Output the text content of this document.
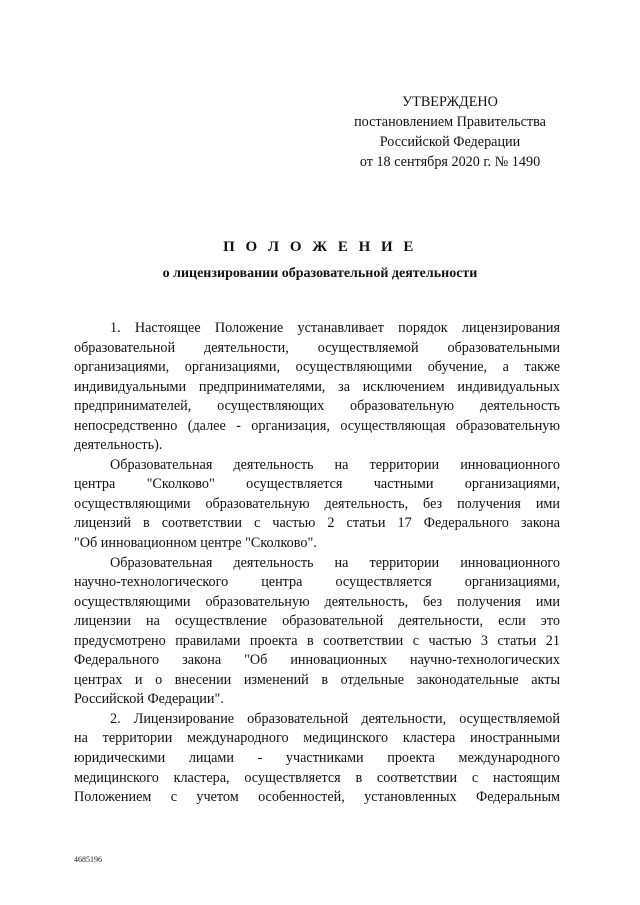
УТВЕРЖДЕНО
постановлением Правительства
Российской Федерации
от 18 сентября 2020 г. № 1490
П О Л О Ж Е Н И Е
о лицензировании образовательной деятельности
1. Настоящее Положение устанавливает порядок лицензирования
образовательной деятельности, осуществляемой образовательными
организациями, организациями, осуществляющими обучение, а также
индивидуальными предпринимателями, за исключением индивидуальных
предпринимателей, осуществляющих образовательную деятельность
непосредственно (далее - организация, осуществляющая образовательную
деятельность).
Образовательная деятельность на территории инновационного
центра "Сколково" осуществляется частными организациями,
осуществляющими образовательную деятельность, без получения ими
лицензий в соответствии с частью 2 статьи 17 Федерального закона
"Об инновационном центре "Сколково".
Образовательная деятельность на территории инновационного
научно-технологического центра осуществляется организациями,
осуществляющими образовательную деятельность, без получения ими
лицензии на осуществление образовательной деятельности, если это
предусмотрено правилами проекта в соответствии с частью 3 статьи 21
Федерального закона "Об инновационных научно-технологических
центрах и о внесении изменений в отдельные законодательные акты
Российской Федерации".
2. Лицензирование образовательной деятельности, осуществляемой
на территории международного медицинского кластера иностранными
юридическими лицами - участниками проекта международного
медицинского кластера, осуществляется в соответствии с настоящим
Положением с учетом особенностей, установленных Федеральным
4685196
